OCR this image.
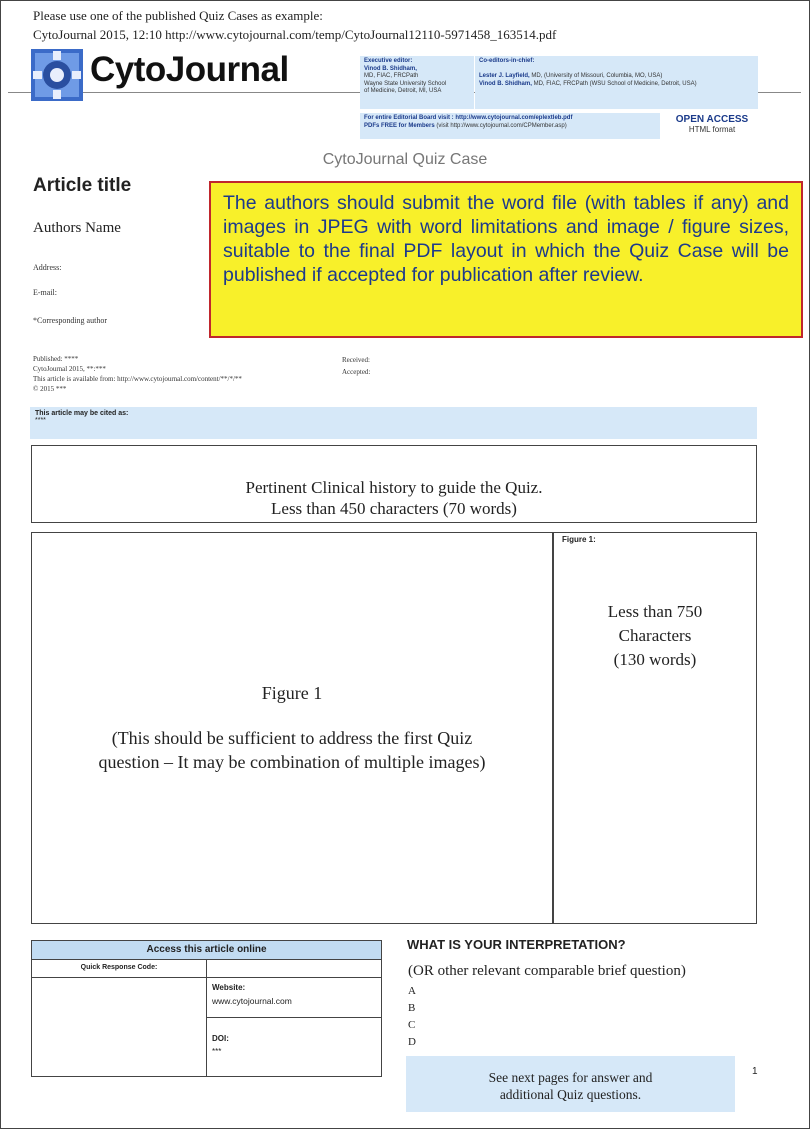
Please use one of the published Quiz Cases as example:
CytoJournal 2015, 12:10 http://www.cytojournal.com/temp/CytoJournal12110-5971458_163514.pdf
CytoJournal	Executive editor:
Vinod B. Shidham,
MD, FIAC, FRCPath
Wayne State University School
of Medicine, Detroit, MI, USA
Co-editors-in-chief:

Lester J. Layfield, MD, (University of Missouri, Columbia, MO, USA)
Vinod B. Shidham, MD, FIAC, FRCPath (WSU School of Medicine, Detroit, USA)
For entire Editorial Board visit : http://www.cytojournal.com/eplextleb.pdf
PDFs FREE for Members (visit http://www.cytojournal.com/CPMember.asp)
OPEN ACCESS
HTML format
CytoJournal Quiz Case
Article title
Authors Name
Address:
E-mail:
*Corresponding author
The authors should submit the word file (with tables if any) and images in JPEG with word limitations and image / figure sizes, suitable to the final PDF layout in which the Quiz Case will be published if accepted for publication after review.
Published: ****
CytoJournal 2015, **:***
This article is available from: http://www.cytojournal.com/content/**/*/**
© 2015 ***
Received:
Accepted:
This article may be cited as:
****
Pertinent Clinical history to guide the Quiz.
Less than 450 characters (70 words)
Figure 1
(This should be sufficient to address the first Quiz
question – It may be combination of multiple images)
Figure 1:
Less than 750
Characters
(130 words)
Access this article online
Quick Response Code:
Website:
www.cytojournal.com
DOI:
***
WHAT IS YOUR INTERPRETATION?
(OR other relevant comparable brief question)
A
B
C
D
See next pages for answer and
additional Quiz questions.
1
